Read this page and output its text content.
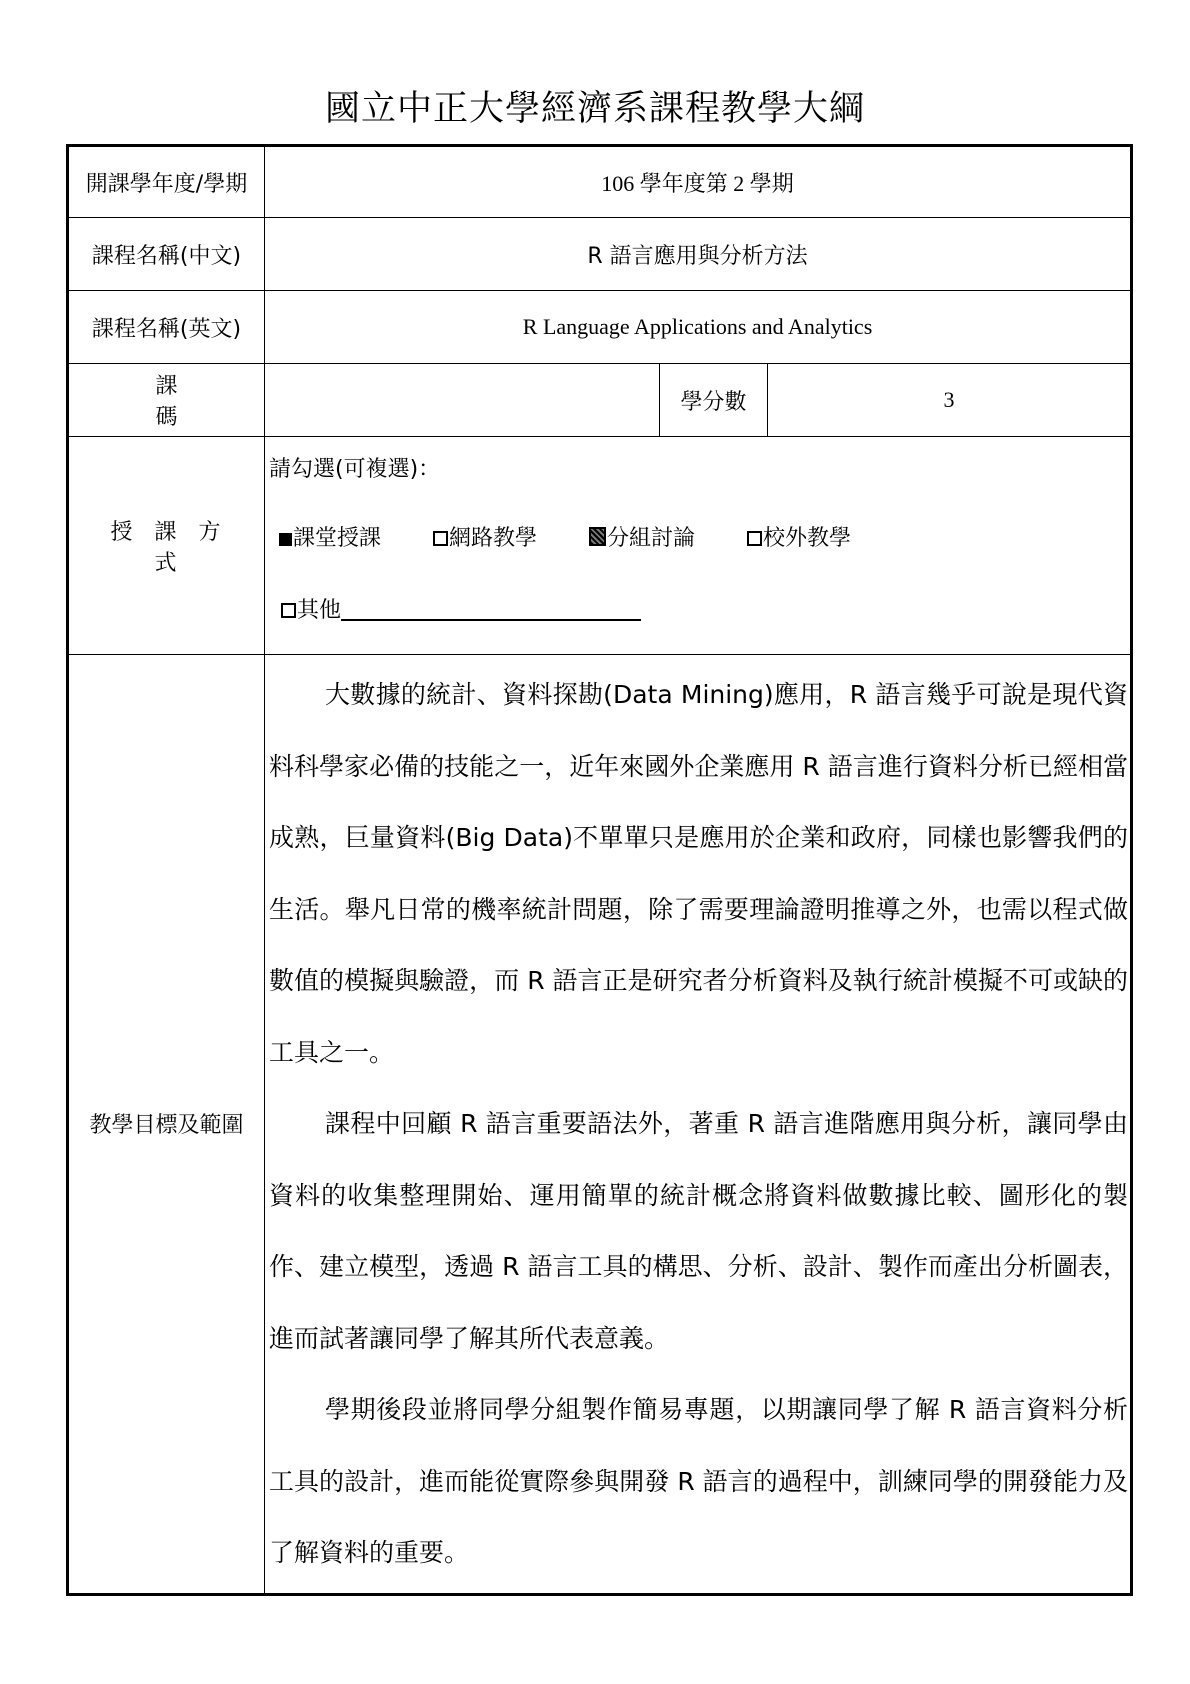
國立中正大學經濟系課程教學大綱
開課學年度/學期	106 學年度第 2 學期		
課程名稱(中文)	R 語言應用與分析方法		
課程名稱(英文)	R Language Applications and Analytics		
課　碼		學分數	3
授課方式	請勾選(可複選)：
課堂授課 網路教學 分組討論 校外教學
其他		

教學目標及範圍	大數據的統計、資料探勘(Data Mining)應用，R 語言幾乎可說是現代資料科學家必備的技能之一，近年來國外企業應用 R 語言進行資料分析已經相當成熟，巨量資料(Big Data)不單單只是應用於企業和政府，同樣也影響我們的生活。舉凡日常的機率統計問題，除了需要理論證明推導之外，也需以程式做數值的模擬與驗證，而 R 語言正是研究者分析資料及執行統計模擬不可或缺的工具之一。

課程中回顧 R 語言重要語法外，著重 R 語言進階應用與分析，讓同學由資料的收集整理開始、運用簡單的統計概念將資料做數據比較、圖形化的製作、建立模型，透過 R 語言工具的構思、分析、設計、製作而產出分析圖表，進而試著讓同學了解其所代表意義。

學期後段並將同學分組製作簡易專題，以期讓同學了解 R 語言資料分析工具的設計，進而能從實際參與開發 R 語言的過程中，訓練同學的開發能力及了解資料的重要。		
